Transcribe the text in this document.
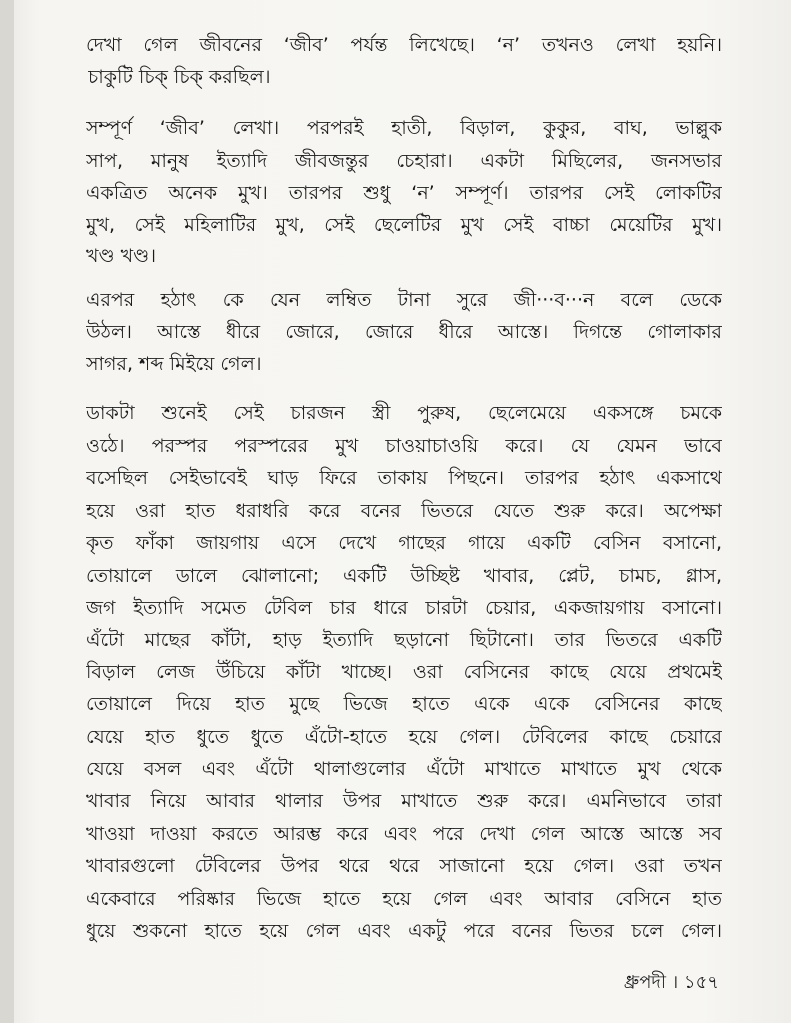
দেখা গেল জীবনের ‘জীব’ পর্যন্ত লিখেছে। ‘ন’ তখনও লেখা হয়নি।
চাকুটি চিক্ চিক্ করছিল।
সম্পূর্ণ ‘জীব’ লেখা। পরপরই হাতী, বিড়াল, কুকুর, বাঘ, ভাল্লুক
সাপ, মানুষ ইত্যাদি জীবজন্তুর চেহারা। একটা মিছিলের, জনসভার
একত্রিত অনেক মুখ। তারপর শুধু ‘ন’ সম্পূর্ণ। তারপর সেই লোকটির
মুখ, সেই মহিলাটির মুখ, সেই ছেলেটির মুখ সেই বাচ্চা মেয়েটির মুখ।
খণ্ড খণ্ড।
এরপর হঠাৎ কে যেন লম্বিত টানা সুরে জী···ব···ন বলে ডেকে
উঠল। আস্তে ধীরে জোরে, জোরে ধীরে আস্তে। দিগন্তে গোলাকার
সাগর, শব্দ মিইয়ে গেল।
ডাকটা শুনেই সেই চারজন স্ত্রী পুরুষ, ছেলেমেয়ে একসঙ্গে চমকে
ওঠে। পরস্পর পরস্পরের মুখ চাওয়াচাওয়ি করে। যে যেমন ভাবে
বসেছিল সেইভাবেই ঘাড় ফিরে তাকায় পিছনে। তারপর হঠাৎ একসাথে
হয়ে ওরা হাত ধরাধরি করে বনের ভিতরে যেতে শুরু করে। অপেক্ষা
কৃত ফাঁকা জায়গায় এসে দেখে গাছের গায়ে একটি বেসিন বসানো,
তোয়ালে ডালে ঝোলানো; একটি উচ্ছিষ্ট খাবার, প্লেট, চামচ, গ্লাস,
জগ ইত্যাদি সমেত টেবিল চার ধারে চারটা চেয়ার, একজায়গায় বসানো।
এঁটো মাছের কাঁটা, হাড় ইত্যাদি ছড়ানো ছিটানো। তার ভিতরে একটি
বিড়াল লেজ উঁচিয়ে কাঁটা খাচ্ছে। ওরা বেসিনের কাছে যেয়ে প্রথমেই
তোয়ালে দিয়ে হাত মুছে ভিজে হাতে একে একে বেসিনের কাছে
যেয়ে হাত ধুতে ধুতে এঁটো-হাতে হয়ে গেল। টেবিলের কাছে চেয়ারে
যেয়ে বসল এবং এঁটো থালাগুলোর এঁটো মাখাতে মাখাতে মুখ থেকে
খাবার নিয়ে আবার থালার উপর মাখাতে শুরু করে। এমনিভাবে তারা
খাওয়া দাওয়া করতে আরম্ভ করে এবং পরে দেখা গেল আস্তে আস্তে সব
খাবারগুলো টেবিলের উপর থরে থরে সাজানো হয়ে গেল। ওরা তখন
একেবারে পরিষ্কার ভিজে হাতে হয়ে গেল এবং আবার বেসিনে হাত
ধুয়ে শুকনো হাতে হয়ে গেল এবং একটু পরে বনের ভিতর চলে গেল।
ধ্রুপদী । ১৫৭
